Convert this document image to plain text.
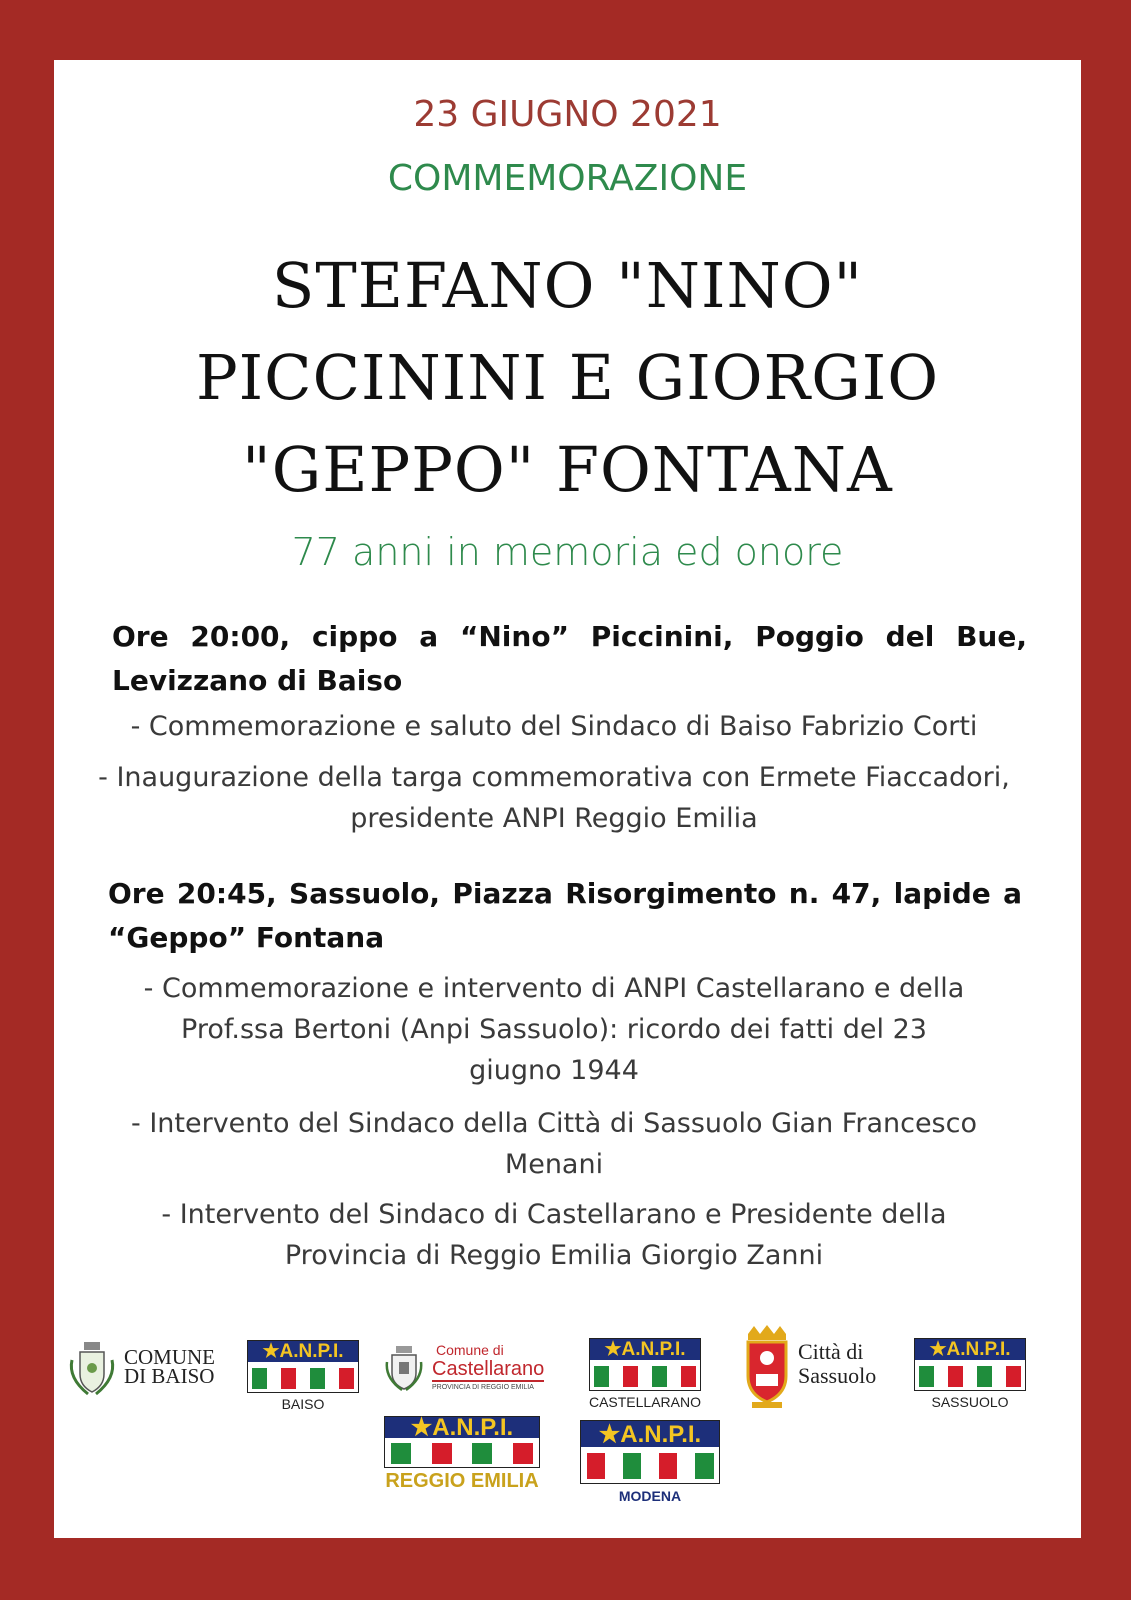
23 GIUGNO 2021
COMMEMORAZIONE
STEFANO "NINO"
PICCININI E GIORGIO
"GEPPO" FONTANA
77 anni in memoria ed onore
Ore 20:00, cippo a “Nino” Piccinini, Poggio del Bue,
Levizzano di Baiso
- Commemorazione e saluto del Sindaco di Baiso Fabrizio Corti
- Inaugurazione della targa commemorativa con Ermete Fiaccadori, presidente ANPI Reggio Emilia
Ore 20:45, Sassuolo, Piazza Risorgimento n. 47, lapide a
“Geppo” Fontana
- Commemorazione e intervento di ANPI Castellarano e della Prof.ssa Bertoni (Anpi Sassuolo): ricordo dei fatti del 23 giugno 1944
- Intervento del Sindaco della Città di Sassuolo Gian Francesco Menani
- Intervento del Sindaco di Castellarano e Presidente della Provincia di Reggio Emilia Giorgio Zanni
COMUNE
DI BAISO
★A.N.P.I.
BAISO
Comune di
Castellarano
PROVINCIA DI REGGIO EMILIA
★A.N.P.I.
CASTELLARANO
Città di
Sassuolo
★A.N.P.I.
SASSUOLO
★A.N.P.I.
REGGIO EMILIA
★A.N.P.I.
MODENA
